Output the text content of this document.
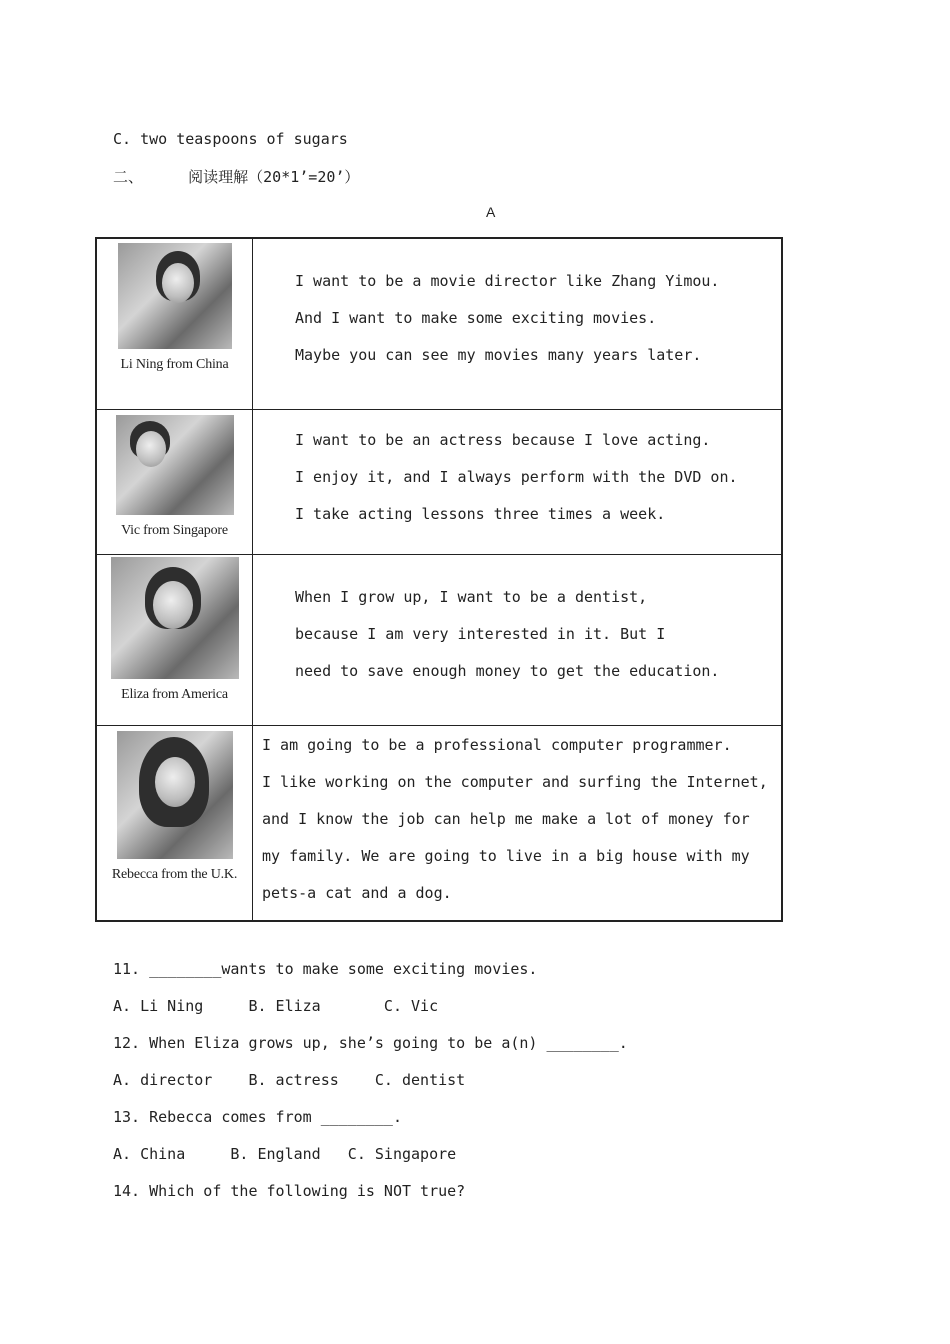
C. two teaspoons of sugars
二、     阅读理解（20*1’=20’）
A
Li Ning from China	I want to be a movie director like Zhang Yimou.

And I want to make some exciting movies.

Maybe you can see my movies many years later.

Vic from Singapore	I want to be an actress because I love acting.

I enjoy it, and I always perform with the DVD on.

I take acting lessons three times a week.

Eliza from America	When I grow up, I want to be a dentist,

because I am very interested in it. But I

need to save enough money to get the education.

Rebecca from the U.K.	I am going to be a professional computer programmer.

I like working on the computer and surfing the Internet,

and I know the job can help me make a lot of money for

my family. We are going to live in a big house with my

pets-a cat and a dog.

11. ________wants to make some exciting movies.
A. Li Ning     B. Eliza       C. Vic
12. When Eliza grows up, she’s going to be a(n) ________.
A. director    B. actress    C. dentist
13. Rebecca comes from ________.
A. China     B. England   C. Singapore
14. Which of the following is NOT true?
